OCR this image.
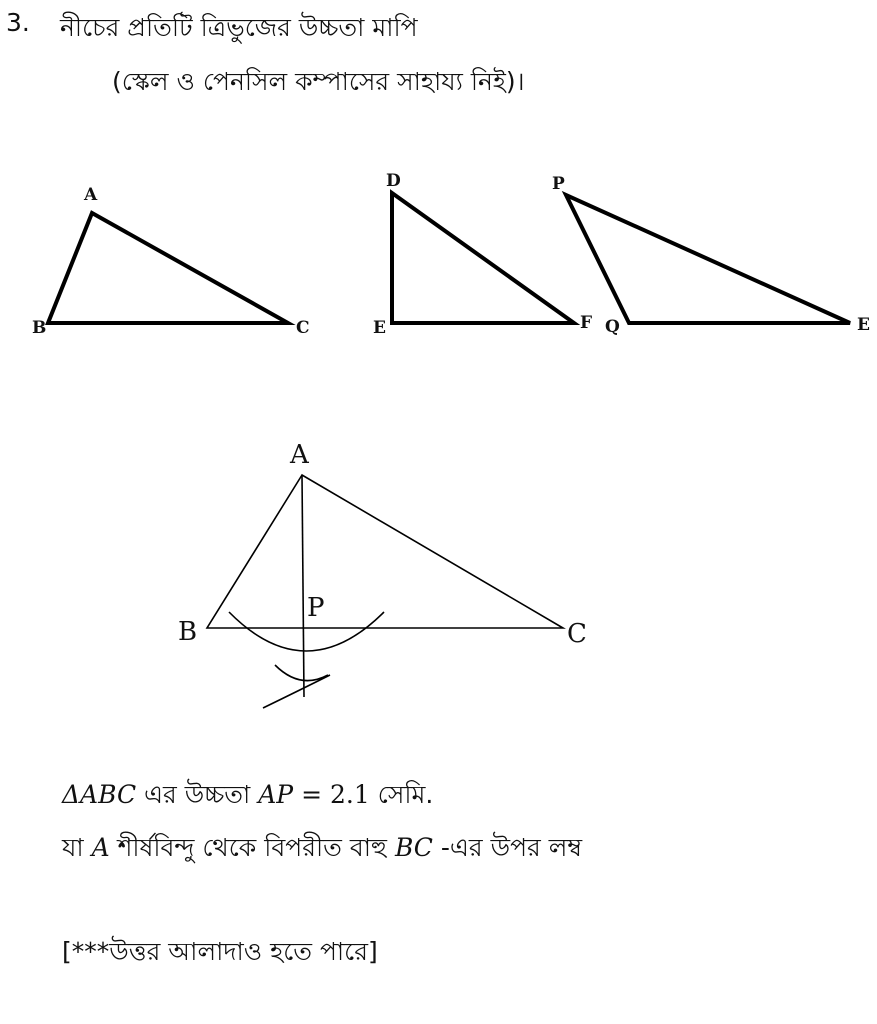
3. নীচের প্রতিটি ত্রিভুজের উচ্চতা মাপি
(স্কেল ও পেনসিল কম্পাসের সাহায্য নিই)।
A
B	C
D
E	F
P
Q	E
A
B	C
P
ΔABC এর উচ্চতা AP = 2.1 সেমি.
যা A শীর্ষবিন্দু থেকে বিপরীত বাহু BC -এর উপর লম্ব
[***উত্তর আলাদাও হতে পারে]
